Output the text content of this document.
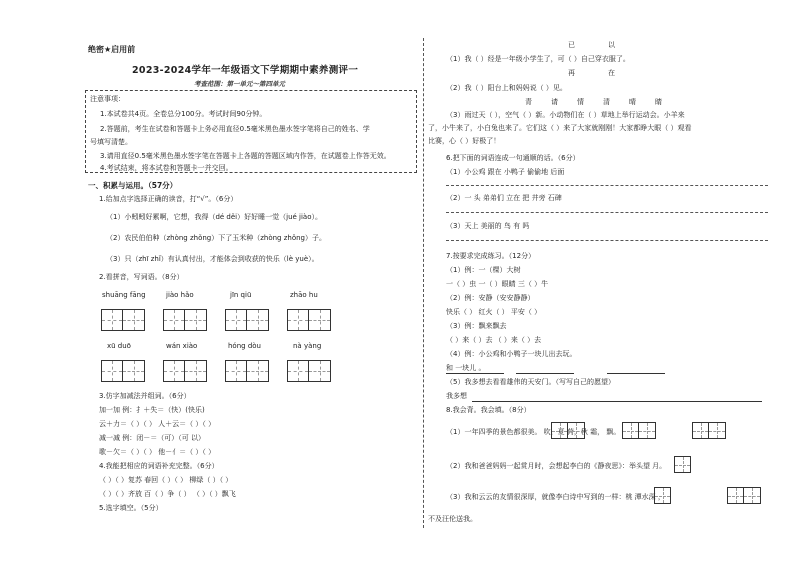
绝密★启用前
2023-2024学年一年级语文下学期期中素养测评一
考查范围：第一单元～第四单元
注意事项：
1.本试卷共4页。全卷总分100分。考试时间90分钟。
2.答题前，考生在试卷和答题卡上务必用直径0.5毫米黑色墨水签字笔将自己的姓名、学
号填写清楚。
3.请用直径0.5毫米黑色墨水签字笔在答题卡上各题的答题区域内作答，在试题卷上作答无效。
4.考试结束，将本试卷和答题卡一并交回。
一、积累与运用。（57分）
1.给加点字选择正确的读音，打“√”。（6分）
（1）小蚓蚓好累啊，它想，我得（dé děi）好好睡一觉（jué jiào）。
（2）农民伯伯种（zhòng zhǒng）下了玉米种（zhòng zhǒng）子。
（3）只（zhī zhǐ）有认真付出，才能体会到收获的快乐（lè yuè）。
2.看拼音，写词语。（8分）
shuāng fāng	jiào hǎo	jīn qiū	zhāo hu
xū duō	wán xiào	hóng dòu	nà yàng
3.仿字加减法并组词。（6分）
加一加 例：扌＋失＝（快）(快乐)
云＋力＝（ ）（ ） 人＋云＝（ ）（ ）
减一减 例：闭－＝（可）（可 以）
歌－欠＝（ ）（ ） 他－亻＝（ ）（ ）
4.我能把相应的词语补充完整。（6分）
（ ）（ ）复苏 春回（ ）（ ） 柳绿（ ）（ ）
（ ）（ ）齐放 百（ ）争（ ） （ ）（ ）飘飞
5.选字填空。（5分）
已	以
（1）我（ ）经是一年级小学生了，可（ ）自己穿衣服了。
再	在
（2）我（ ）阳台上和妈妈说（ ）见。
青	请	情	清	晴	睛
（3）雨过天（ ），空气（ ）新。小动物们在（ ）草地上举行运动会。小羊来
了，小牛来了，小白兔也来了。它们这（ ）来了大家就刚刚！大家都睁大眼（ ）观看
比赛，心（ ）好极了！
6.把下面的词语连成一句通顺的话。（6分）
（1）小公鸡 跟在 小鸭子 偷偷地 后面
（2）一 头 弟弟们 立在 把 井旁 石碑
（3）天上 美丽的 鸟 有 吗
7.按要求完成练习。（12分）
（1）例：一（棵）大树
一（ ）虫 一（ ）眼睛 三（ ）牛
（2）例：安静（安安静静）
快乐（ ） 红火（ ） 平安（ ）
（3）例：飘来飘去
（ ）来（ ）去 （ ）来（ ）去
（4）例：小公鸡和小鸭子一块儿出去玩。
和 一块儿 。
（5）我多想去看看雄伟的天安门。（写写自己的愿望）
我多想
8.我会背。我会填。（8分）
（1）一年四季的景色都很美。 吹，夏 荷，秋 霜， 飘。
（2）我和爸爸妈妈一起赏月时，会想起李白的《静夜思》：举头望 月。
（3）我和云云的友情很深厚，就像李白诗中写到的一样：桃 潭水深 ，
不及汪伦送我。
